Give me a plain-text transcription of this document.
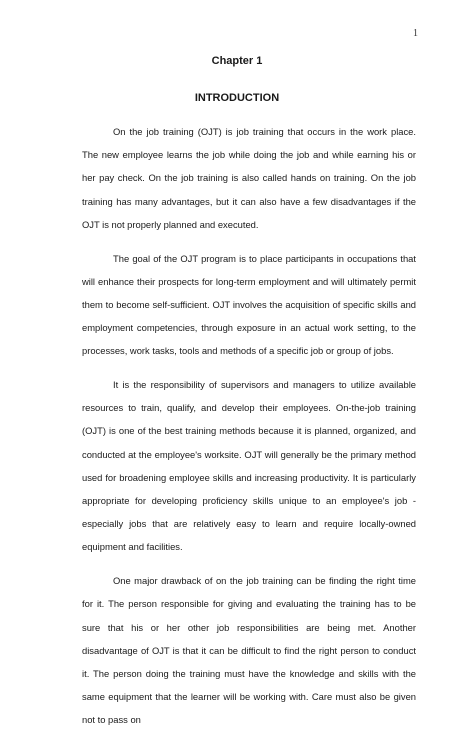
1
Chapter 1
INTRODUCTION

On the job training (OJT) is job training that occurs in the work place. The new employee learns the job while doing the job and while earning his or her pay check. On the job training is also called hands on training. On the job training has many advantages, but it can also have a few disadvantages if the OJT is not properly planned and executed.

The goal of the OJT program is to place participants in occupations that will enhance their prospects for long-term employment and will ultimately permit them to become self-sufficient. OJT involves the acquisition of specific skills and employment competencies, through exposure in an actual work setting, to the processes, work tasks, tools and methods of a specific job or group of jobs.

It is the responsibility of supervisors and managers to utilize available resources to train, qualify, and develop their employees. On-the-job training (OJT) is one of the best training methods because it is planned, organized, and conducted at the employee's worksite. OJT will generally be the primary method used for broadening employee skills and increasing productivity. It is particularly appropriate for developing proficiency skills unique to an employee's job - especially jobs that are relatively easy to learn and require locally-owned equipment and facilities.

One major drawback of on the job training can be finding the right time for it. The person responsible for giving and evaluating the training has to be sure that his or her other job responsibilities are being met. Another disadvantage of OJT is that it can be difficult to find the right person to conduct it. The person doing the training must have the knowledge and skills with the same equipment that the learner will be working with. Care must also be given not to pass on
